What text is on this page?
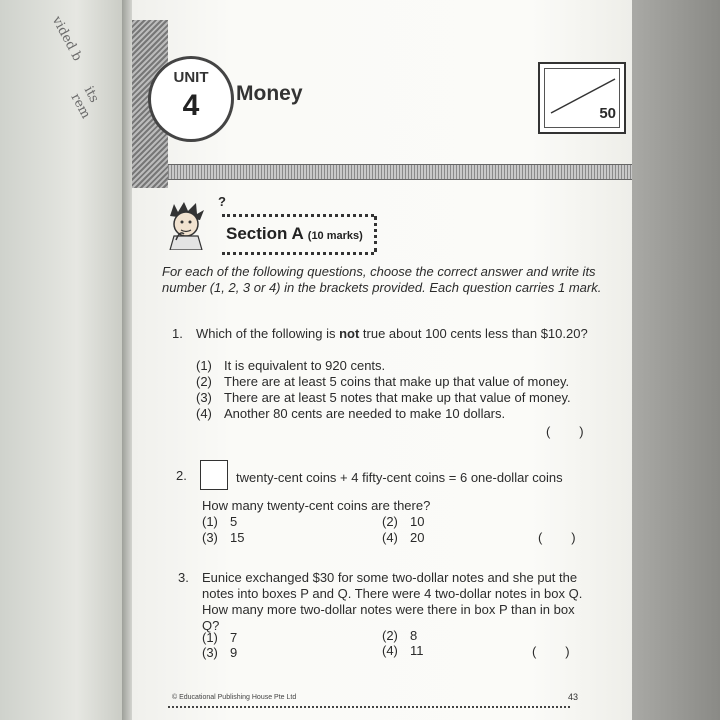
vided b
its rem
UNIT
4	Money
50
?
Section A (10 marks)
For each of the following questions, choose the correct answer and write its number (1, 2, 3 or 4) in the brackets provided. Each question carries 1 mark.
1. Which of the following is not true about 100 cents less than $10.20?
(1) It is equivalent to 920 cents.
(2) There are at least 5 coins that make up that value of money.
(3) There are at least 5 notes that make up that value of money.
(4) Another 80 cents are needed to make 10 dollars.
(        )
2.	twenty-cent coins + 4 fifty-cent coins = 6 one-dollar coins
How many twenty-cent coins are there?
(1) 5	(2) 10
(3) 15	(4) 20	(        )
3. Eunice exchanged $30 for some two-dollar notes and she put the notes into boxes P and Q. There were 4 two-dollar notes in box Q. How many more two-dollar notes were there in box P than in box Q?
(1) 7	(2) 8
(3) 9	(4) 11	(        )
© Educational Publishing House Pte Ltd	43
